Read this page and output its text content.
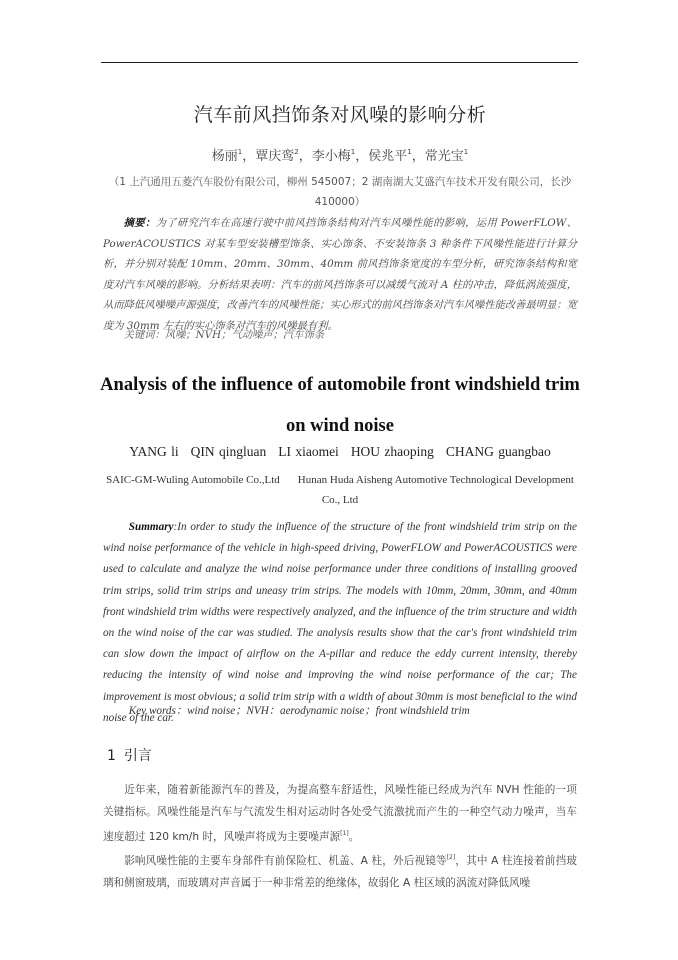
汽车前风挡饰条对风噪的影响分析
杨丽$^1$，覃庆鸾$^2$，李小梅$^1$，侯兆平$^1$，常光宝$^1$
（1 上汽通用五菱汽车股份有限公司，柳州 545007；2 湖南湖大艾盛汽车技术开发有限公司，长沙 410000）
摘要：为了研究汽车在高速行驶中前风挡饰条结构对汽车风噪性能的影响，运用 PowerFLOW、PowerACOUSTICS 对某车型安装槽型饰条、实心饰条、不安装饰条 3 种条件下风噪性能进行计算分析，并分别对装配 10mm、20mm、30mm、40mm 前风挡饰条宽度的车型分析，研究饰条结构和宽度对汽车风噪的影响。分析结果表明：汽车的前风挡饰条可以减缓气流对 A 柱的冲击，降低涡流强度，从而降低风噪噪声源强度，改善汽车的风噪性能；实心形式的前风挡饰条对汽车风噪性能改善最明显：宽度为 30mm 左右的实心饰条对汽车的风噪最有利。
关键词：风噪；NVH；气动噪声；汽车饰条
Analysis of the influence of automobile front windshield trim on wind noise
YANG li QIN qingluan LI xiaomei HOU zhaoping CHANG guangbao
SAIC-GM-Wuling Automobile Co.,Ltd Hunan Huda Aisheng Automotive Technological Development Co., Ltd
Summary:In order to study the influence of the structure of the front windshield trim strip on the wind noise performance of the vehicle in high-speed driving, PowerFLOW and PowerACOUSTICS were used to calculate and analyze the wind noise performance under three conditions of installing grooved trim strips, solid trim strips and uneasy trim strips. The models with 10mm, 20mm, 30mm, and 40mm front windshield trim widths were respectively analyzed, and the influence of the trim structure and width on the wind noise of the car was studied. The analysis results show that the car's front windshield trim can slow down the impact of airflow on the A-pillar and reduce the eddy current intensity, thereby reducing the intensity of wind noise and improving the wind noise performance of the car; The improvement is most obvious; a solid trim strip with a width of about 30mm is most beneficial to the wind noise of the car.
Key words：wind noise；NVH：aerodynamic noise；front windshield trim
1 引言
近年来，随着新能源汽车的普及，为提高整车舒适性，风噪性能已经成为汽车 NVH 性能的一项关键指标。风噪性能是汽车与气流发生相对运动时各处受气流激扰而产生的一种空气动力噪声，当车速度超过 120 km/h 时，风噪声将成为主要噪声源[1]。
影响风噪性能的主要车身部件有前保险杠、机盖、A 柱，外后视镜等[2]，其中 A 柱连接着前挡玻璃和侧窗玻璃，而玻璃对声音属于一种非常差的绝缘体，故弱化 A 柱区域的涡流对降低风噪
